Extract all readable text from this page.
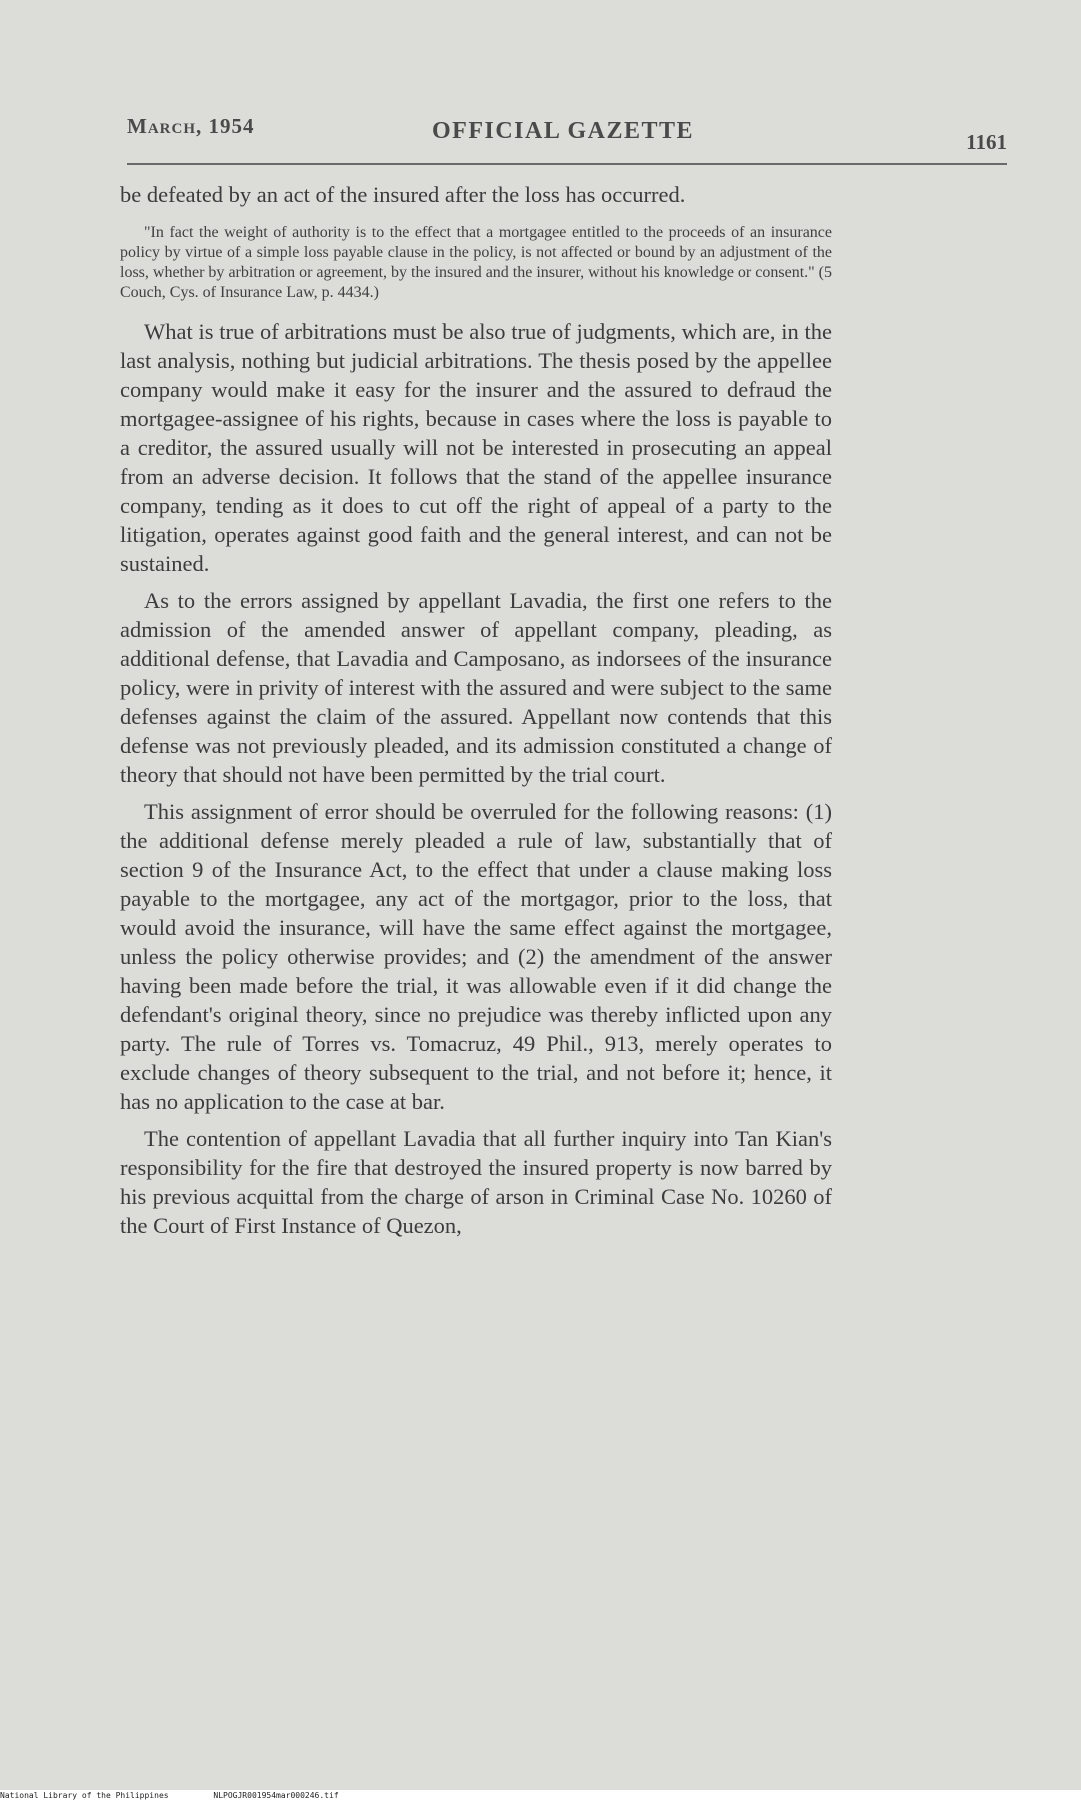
March, 1954	OFFICIAL GAZETTE	1161

be defeated by an act of the insured after the loss has occurred.

"In fact the weight of authority is to the effect that a mortgagee entitled to the proceeds of an insurance policy by virtue of a simple loss payable clause in the policy, is not affected or bound by an adjustment of the loss, whether by arbitration or agreement, by the insured and the insurer, without his knowledge or consent." (5 Couch, Cys. of Insurance Law, p. 4434.)

What is true of arbitrations must be also true of judgments, which are, in the last analysis, nothing but judicial arbitrations. The thesis posed by the appellee company would make it easy for the insurer and the assured to defraud the mortgagee-assignee of his rights, because in cases where the loss is payable to a creditor, the assured usually will not be interested in prosecuting an appeal from an adverse decision. It follows that the stand of the appellee insurance company, tending as it does to cut off the right of appeal of a party to the litigation, operates against good faith and the general interest, and can not be sustained.

As to the errors assigned by appellant Lavadia, the first one refers to the admission of the amended answer of appellant company, pleading, as additional defense, that Lavadia and Camposano, as indorsees of the insurance policy, were in privity of interest with the assured and were subject to the same defenses against the claim of the assured. Appellant now contends that this defense was not previously pleaded, and its admission constituted a change of theory that should not have been permitted by the trial court.

This assignment of error should be overruled for the following reasons: (1) the additional defense merely pleaded a rule of law, substantially that of section 9 of the Insurance Act, to the effect that under a clause making loss payable to the mortgagee, any act of the mortgagor, prior to the loss, that would avoid the insurance, will have the same effect against the mortgagee, unless the policy otherwise provides; and (2) the amendment of the answer having been made before the trial, it was allowable even if it did change the defendant's original theory, since no prejudice was thereby inflicted upon any party. The rule of Torres vs. Tomacruz, 49 Phil., 913, merely operates to exclude changes of theory subsequent to the trial, and not before it; hence, it has no application to the case at bar.

The contention of appellant Lavadia that all further inquiry into Tan Kian's responsibility for the fire that destroyed the insured property is now barred by his previous acquittal from the charge of arson in Criminal Case No. 10260 of the Court of First Instance of Quezon,

National Library of the Philippines	NLPOGJR001954mar000246.tif
